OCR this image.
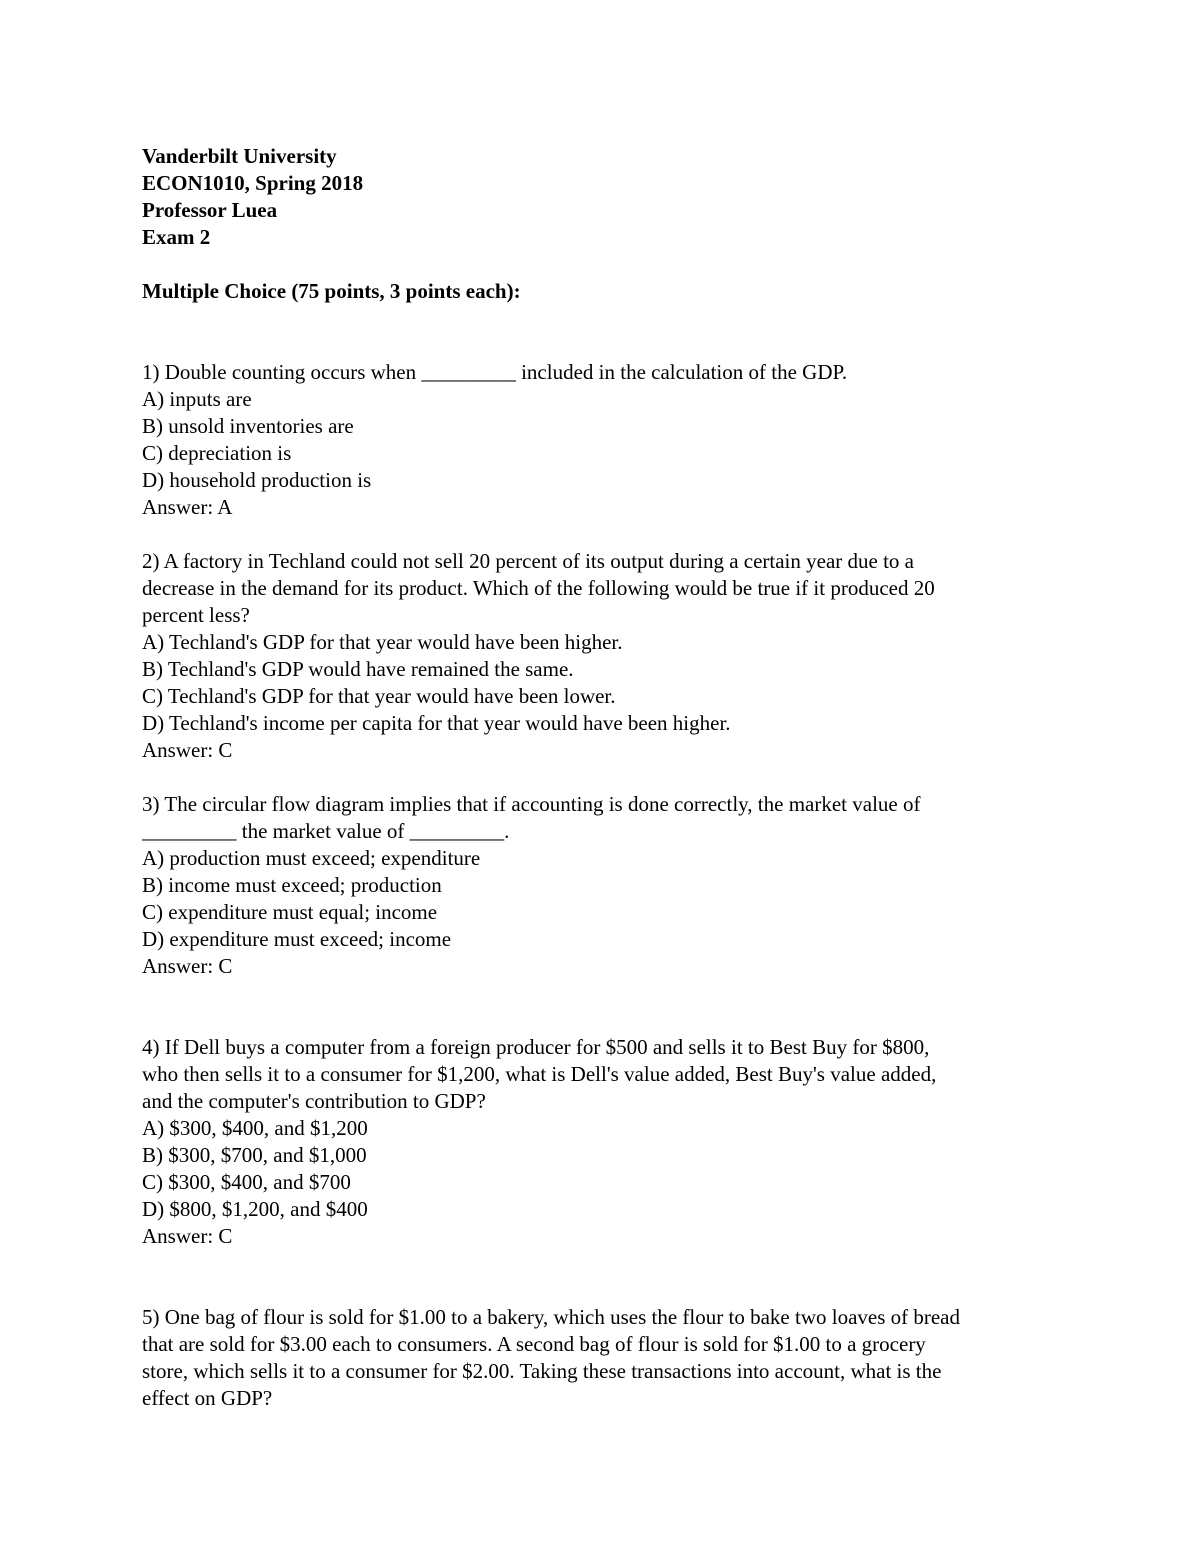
Vanderbilt University
ECON1010, Spring 2018
Professor Luea
Exam 2
Multiple Choice (75 points, 3 points each):
1) Double counting occurs when _________ included in the calculation of the GDP.
A) inputs are
B) unsold inventories are
C) depreciation is
D) household production is
Answer: A
2) A factory in Techland could not sell 20 percent of its output during a certain year due to a
decrease in the demand for its product. Which of the following would be true if it produced 20
percent less?
A) Techland's GDP for that year would have been higher.
B) Techland's GDP would have remained the same.
C) Techland's GDP for that year would have been lower.
D) Techland's income per capita for that year would have been higher.
Answer: C
3) The circular flow diagram implies that if accounting is done correctly, the market value of
_________ the market value of _________.
A) production must exceed; expenditure
B) income must exceed; production
C) expenditure must equal; income
D) expenditure must exceed; income
Answer: C
4) If Dell buys a computer from a foreign producer for $500 and sells it to Best Buy for $800,
who then sells it to a consumer for $1,200, what is Dell's value added, Best Buy's value added,
and the computer's contribution to GDP?
A) $300, $400, and $1,200
B) $300, $700, and $1,000
C) $300, $400, and $700
D) $800, $1,200, and $400
Answer: C
5) One bag of flour is sold for $1.00 to a bakery, which uses the flour to bake two loaves of bread
that are sold for $3.00 each to consumers. A second bag of flour is sold for $1.00 to a grocery
store, which sells it to a consumer for $2.00. Taking these transactions into account, what is the
effect on GDP?
